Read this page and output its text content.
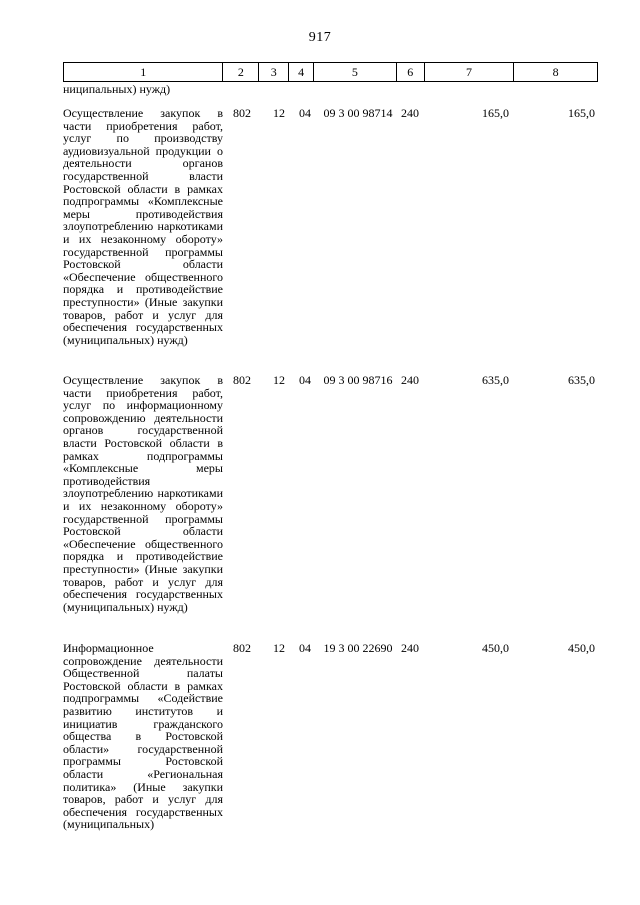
917
1	2	3	4	5	6	7	8
ниципальных) нужд)
Осуществление закупок в части приобретения работ, услуг по производству аудиовизуальной продукции о деятельности органов государственной власти Ростовской области в рамках подпрограммы «Комплексные меры противодействия злоупотреблению наркотиками и их незаконному обороту» государственной программы Ростовской области «Обеспечение общественного порядка и противодействие преступности» (Иные закупки товаров, работ и услуг для обеспечения государственных (муниципальных) нужд)
802	12	04	09 3 00 98714 240	165,0	165,0
Осуществление закупок в части приобретения работ, услуг по информационному сопровождению деятельности органов государственной власти Ростовской области в рамках подпрограммы «Комплексные меры противодействия злоупотреблению наркотиками и их незаконному обороту» государственной программы Ростовской области «Обеспечение общественного порядка и противодействие преступности» (Иные закупки товаров, работ и услуг для обеспечения государственных (муниципальных) нужд)
802	12	04	09 3 00 98716 240	635,0	635,0
Информационное сопровождение деятельности Общественной палаты Ростовской области в рамках подпрограммы «Содействие развитию институтов и инициатив гражданского общества в Ростовской области» государственной программы Ростовской области «Региональная политика» (Иные закупки товаров, работ и услуг для обеспечения государственных (муниципальных)
802	12	04	19 3 00 22690 240	450,0	450,0
